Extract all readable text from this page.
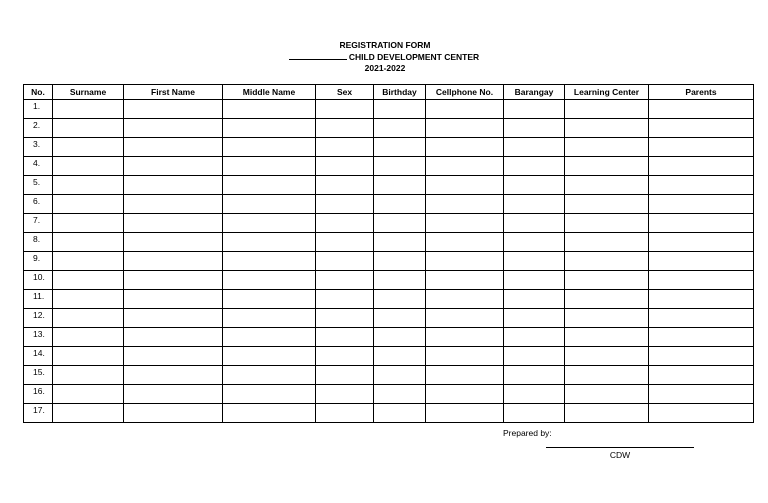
REGISTRATION FORM
CHILD DEVELOPMENT CENTER
2021-2022
No.	Surname	First Name	Middle Name	Sex	Birthday	Cellphone No.	Barangay	Learning Center	Parents
1.									
2.									
3.									
4.									
5.									
6.									
7.									
8.									
9.									
10.									
11.									
12.									
13.									
14.									
15.									
16.									
17.									
Prepared by:
CDW
